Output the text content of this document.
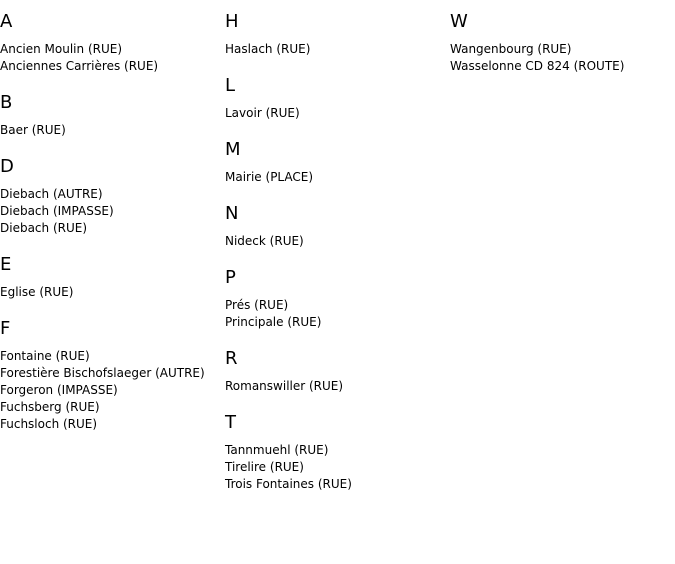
A
Ancien Moulin (RUE)
Anciennes Carrières (RUE)
B
Baer (RUE)
D
Diebach (AUTRE)
Diebach (IMPASSE)
Diebach (RUE)
E
Eglise (RUE)
F
Fontaine (RUE)
Forestière Bischofslaeger (AUTRE)
Forgeron (IMPASSE)
Fuchsberg (RUE)
Fuchsloch (RUE)
H
Haslach (RUE)
L
Lavoir (RUE)
M
Mairie (PLACE)
N
Nideck (RUE)
P
Prés (RUE)
Principale (RUE)
R
Romanswiller (RUE)
T
Tannmuehl (RUE)
Tirelire (RUE)
Trois Fontaines (RUE)
W
Wangenbourg (RUE)
Wasselonne CD 824 (ROUTE)
